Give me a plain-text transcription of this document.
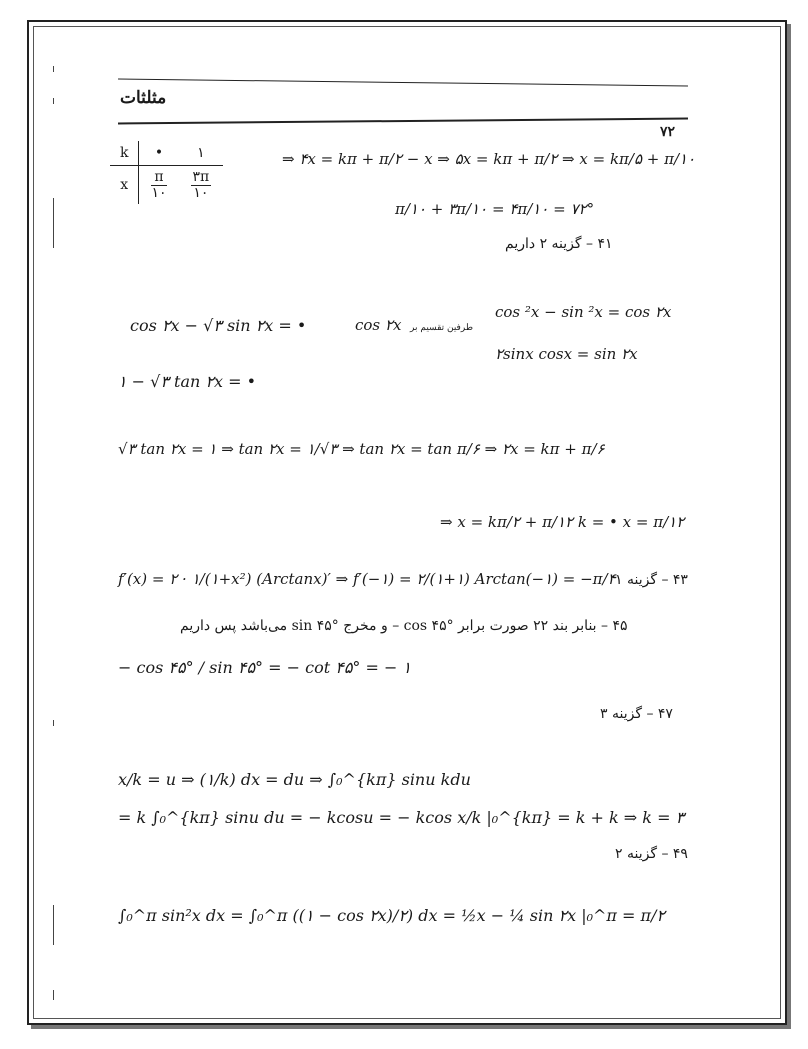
مثلثات
۷۲
k	•	۱
x	$\frac{\pi}{۱۰}$	$\frac{۳\pi}{۱۰}$
⇒ ۴x = kπ + π/۲ − x ⇒ ۵x = kπ + π/۲ ⇒ x = kπ/۵ + π/۱۰
π/۱۰ + ۳π/۱۰ = ۴π/۱۰ = ۷۲°
۴۱ – گزینه ۲ داریم
cos ۲x − √۳ sin ۲x = •	cos ۲x طرفین تقسیم بر
cos ²x − sin ²x = cos ۲x
۲sinx cosx = sin ۲x
۱ − √۳ tan ۲x = •
√۳ tan ۲x = ۱ ⇒ tan ۲x = ۱/√۳ ⇒ tan ۲x = tan π/۶ ⇒ ۲x = kπ + π/۶
⇒ x = kπ/۲ + π/۱۲ k = • x = π/۱۲
f′(x) = ۲ · ۱/(۱+x²) (Arctanx)′ ⇒ f′(−۱) = ۲/(۱+۱) Arctan(−۱) = −π/۴ ۴۳ – گزینه ۱
۴۵ – بنابر بند ۲۲ صورت برابر cos ۴۵° – و مخرج sin ۴۵° می‌باشد پس داریم
− cos ۴۵° / sin ۴۵° = − cot ۴۵° = − ۱
۴۷ – گزینه ۳
x/k = u ⇒ (۱/k) dx = du ⇒ ∫₀^{kπ} sinu kdu
= k ∫₀^{kπ} sinu du = − kcosu = − kcos x/k |₀^{kπ} = k + k ⇒ k = ۳
۴۹ – گزینه ۲
∫₀^π sin²x dx = ∫₀^π ((۱ − cos ۲x)/۲) dx = ½x − ¼ sin ۲x |₀^π = π/۲
